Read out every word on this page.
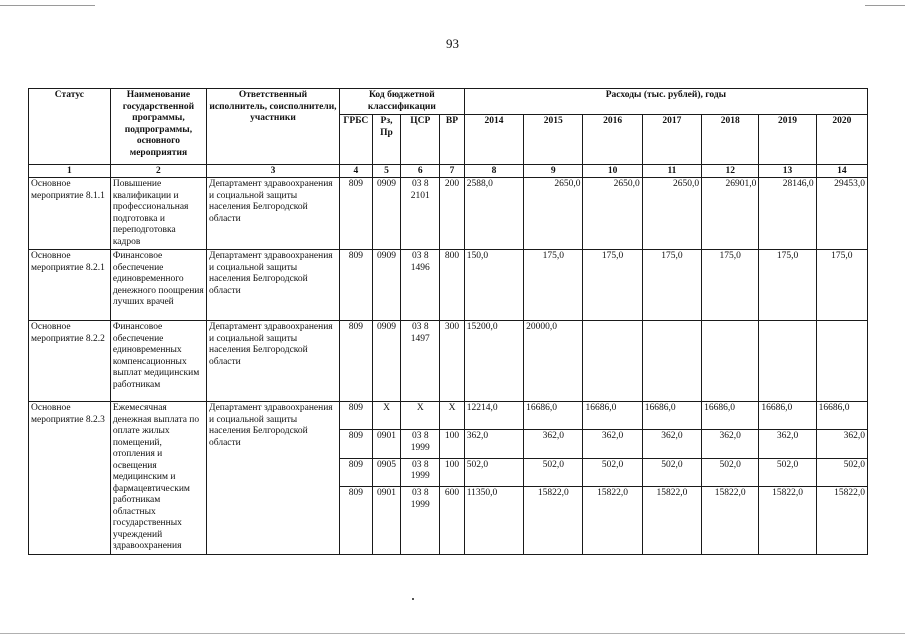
93
Статус	Наименование государственной программы, подпрограммы, основного мероприятия	Ответственный исполнитель, соисполнители, участники	Код бюджетной классификации				Расходы (тыс. рублей), годы						
			ГРБС	Рз, Пр	ЦСР	ВР	2014	2015	2016	2017	2018	2019	2020
1	2	3	4	5	6	7	8	9	10	11	12	13	14
Основное мероприятие 8.1.1	Повышение квалификации и профессиональная подготовка и переподготовка кадров	Департамент здравоохранения и социальной защиты населения Белгородской области	809	0909	03 8 2101	200	2588,0	2650,0	2650,0	2650,0	26901,0	28146,0	29453,0
Основное мероприятие 8.2.1	Финансовое обеспечение единовременного денежного поощрения лучших врачей	Департамент здравоохранения и социальной защиты населения Белгородской области	809	0909	03 8 1496	800	150,0	175,0	175,0	175,0	175,0	175,0	175,0
Основное мероприятие 8.2.2	Финансовое обеспечение единовременных компенсационных выплат медицинским работникам	Департамент здравоохранения и социальной защиты населения Белгородской области	809	0909	03 8 1497	300	15200,0	20000,0					
Основное мероприятие 8.2.3	Ежемесячная денежная выплата по оплате жилых помещений, отопления и освещения медицинским и фармацевтическим работникам областных государственных учреждений здравоохранения	Департамент здравоохранения и социальной защиты населения Белгородской области	809	Х	Х	Х	12214,0	16686,0	16686,0	16686,0	16686,0	16686,0	16686,0
			809	0901	03 8 1999	100	362,0	362,0	362,0	362,0	362,0	362,0	362,0
			809	0905	03 8 1999	100	502,0	502,0	502,0	502,0	502,0	502,0	502,0
			809	0901	03 8 1999	600	11350,0	15822,0	15822,0	15822,0	15822,0	15822,0	15822,0
